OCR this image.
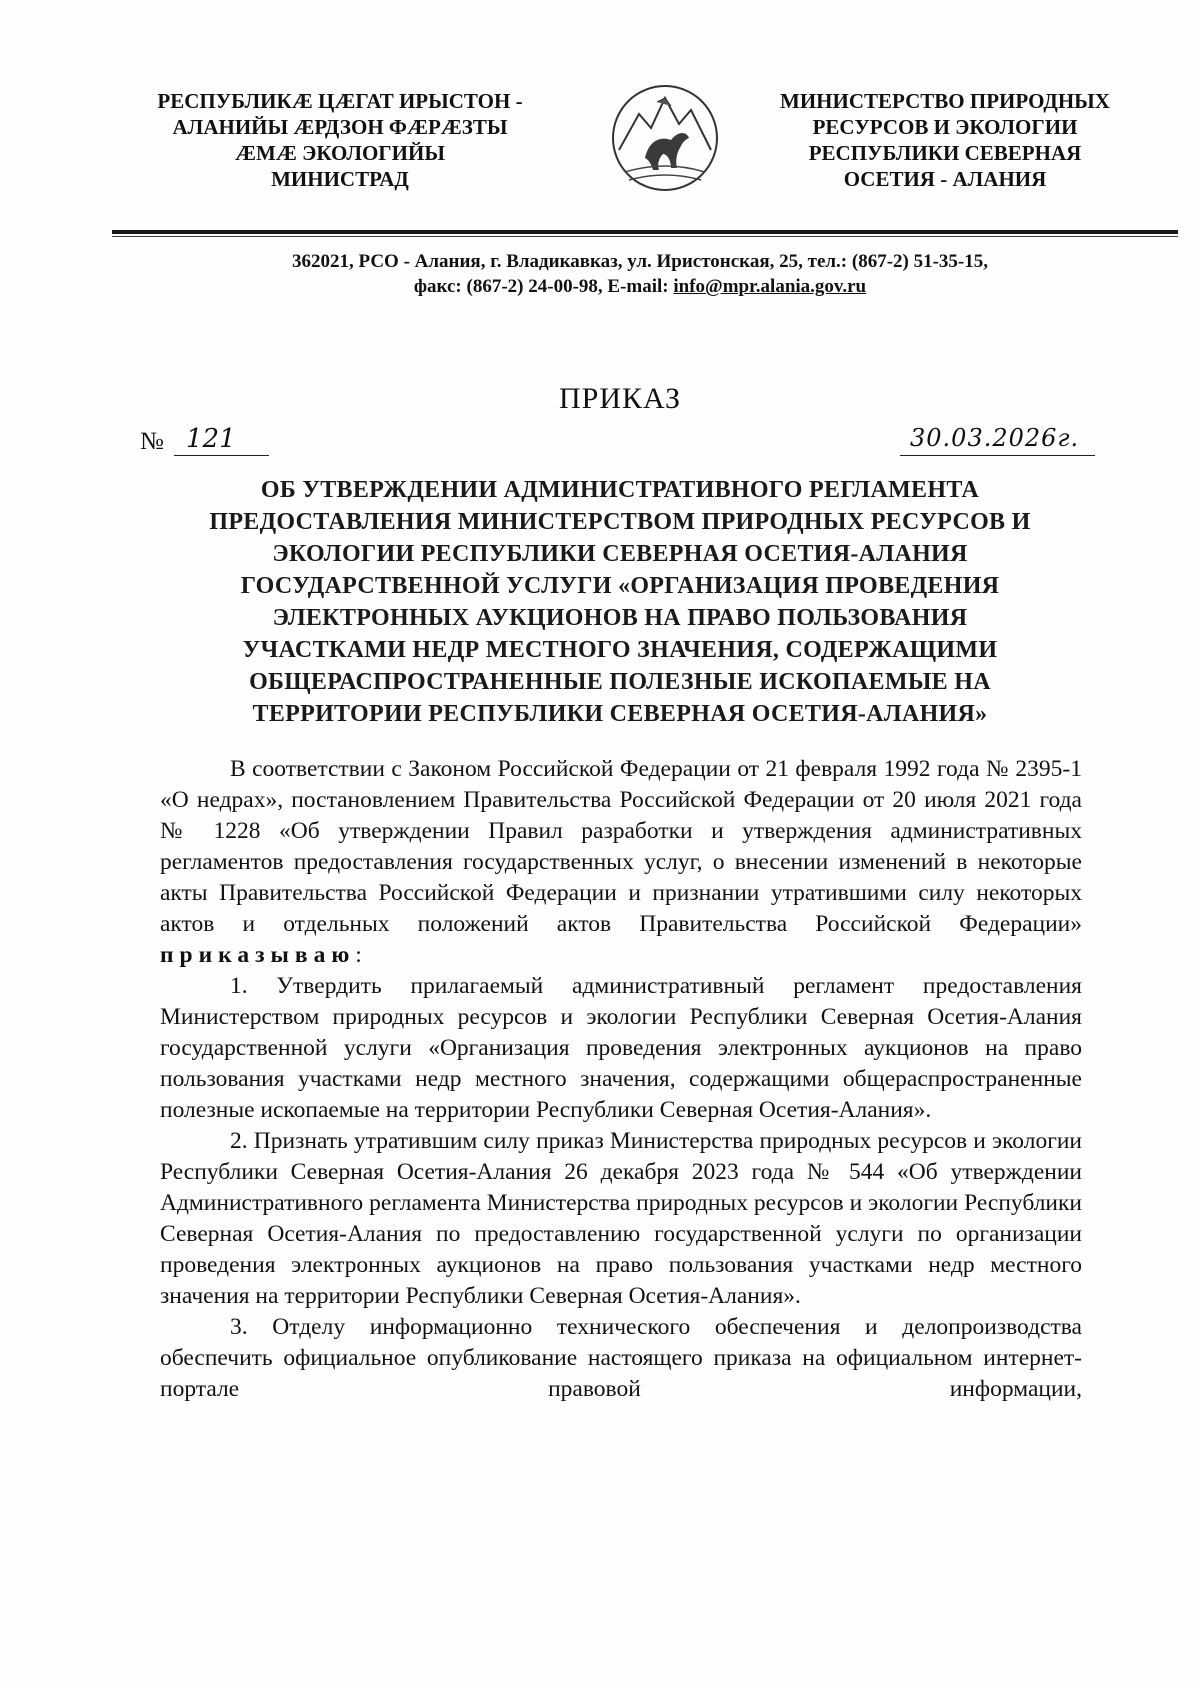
РЕСПУБЛИКÆ ЦÆГАТ ИРЫСТОН -
АЛАНИЙЫ ÆРДЗОН ФÆРÆЗТЫ
ÆМÆ ЭКОЛОГИЙЫ
МИНИСТРАД
МИНИСТЕРСТВО ПРИРОДНЫХ
РЕСУРСОВ И ЭКОЛОГИИ
РЕСПУБЛИКИ СЕВЕРНАЯ
ОСЕТИЯ - АЛАНИЯ
362021, РСО - Алания, г. Владикавказ, ул. Иристонская, 25, тел.: (867-2) 51-35-15,
факс: (867-2) 24-00-98, E-mail: info@mpr.alania.gov.ru
ПРИКАЗ
№ 121	30.03.2026г.
ОБ УТВЕРЖДЕНИИ АДМИНИСТРАТИВНОГО РЕГЛАМЕНТА
ПРЕДОСТАВЛЕНИЯ МИНИСТЕРСТВОМ ПРИРОДНЫХ РЕСУРСОВ И
ЭКОЛОГИИ РЕСПУБЛИКИ СЕВЕРНАЯ ОСЕТИЯ-АЛАНИЯ
ГОСУДАРСТВЕННОЙ УСЛУГИ «ОРГАНИЗАЦИЯ ПРОВЕДЕНИЯ
ЭЛЕКТРОННЫХ АУКЦИОНОВ НА ПРАВО ПОЛЬЗОВАНИЯ
УЧАСТКАМИ НЕДР МЕСТНОГО ЗНАЧЕНИЯ, СОДЕРЖАЩИМИ
ОБЩЕРАСПРОСТРАНЕННЫЕ ПОЛЕЗНЫЕ ИСКОПАЕМЫЕ НА
ТЕРРИТОРИИ РЕСПУБЛИКИ СЕВЕРНАЯ ОСЕТИЯ-АЛАНИЯ»

В соответствии с Законом Российской Федерации от 21 февраля 1992 года № 2395-1 «О недрах», постановлением Правительства Российской Федерации от 20 июля 2021 года № 1228 «Об утверждении Правил разработки и утверждения административных регламентов предоставления государственных услуг, о внесении изменений в некоторые акты Правительства Российской Федерации и признании утратившими силу некоторых актов и отдельных положений актов Правительства Российской Федерации» приказываю:

1. Утвердить прилагаемый административный регламент предоставления Министерством природных ресурсов и экологии Республики Северная Осетия-Алания государственной услуги «Организация проведения электронных аукционов на право пользования участками недр местного значения, содержащими общераспространенные полезные ископаемые на территории Республики Северная Осетия-Алания».

2. Признать утратившим силу приказ Министерства природных ресурсов и экологии Республики Северная Осетия-Алания 26 декабря 2023 года № 544 «Об утверждении Административного регламента Министерства природных ресурсов и экологии Республики Северная Осетия-Алания по предоставлению государственной услуги по организации проведения электронных аукционов на право пользования участками недр местного значения на территории Республики Северная Осетия-Алания».

3. Отделу информационно технического обеспечения и делопроизводства обеспечить официальное опубликование настоящего приказа на официальном интернет-портале правовой информации,
